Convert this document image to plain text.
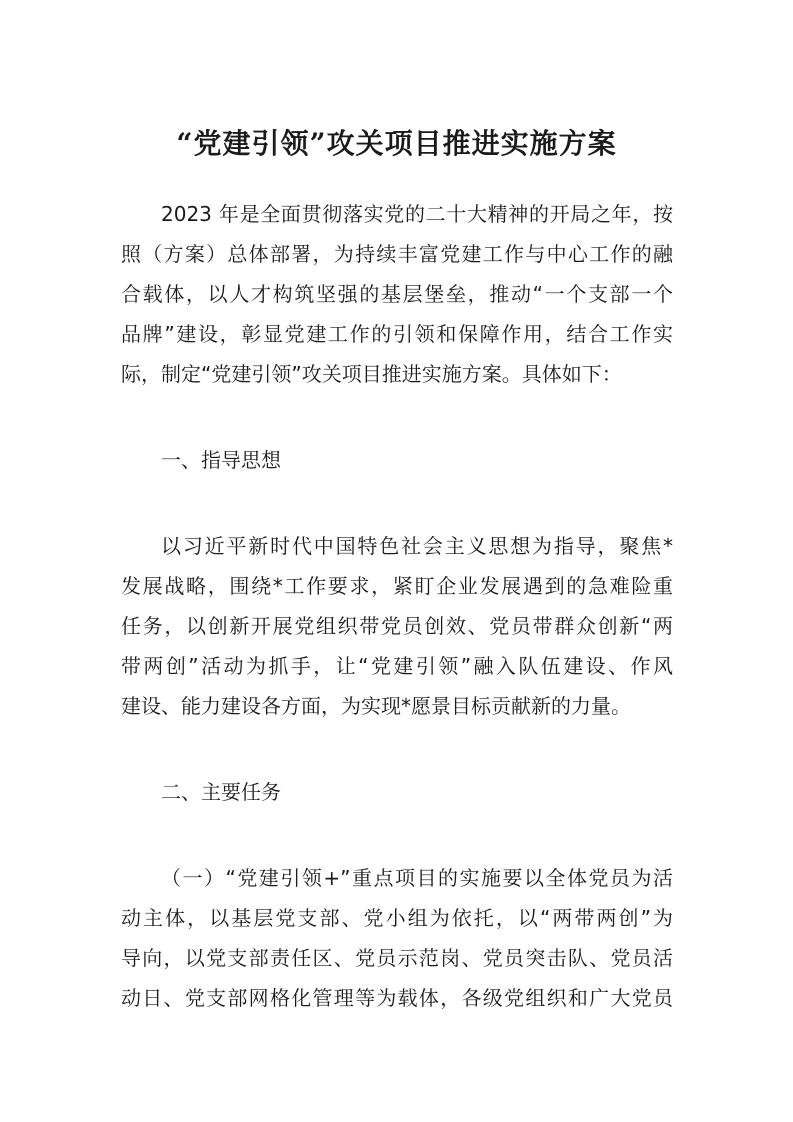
“党建引领”攻关项目推进实施方案
2023 年是全面贯彻落实党的二十大精神的开局之年，按
照（方案）总体部署，为持续丰富党建工作与中心工作的融
合载体，以人才构筑坚强的基层堡垒，推动“一个支部一个
品牌”建设，彰显党建工作的引领和保障作用，结合工作实
际，制定“党建引领”攻关项目推进实施方案。具体如下：
一、指导思想
以习近平新时代中国特色社会主义思想为指导，聚焦*
发展战略，围绕*工作要求，紧盯企业发展遇到的急难险重
任务，以创新开展党组织带党员创效、党员带群众创新“两
带两创”活动为抓手，让“党建引领”融入队伍建设、作风
建设、能力建设各方面，为实现*愿景目标贡献新的力量。
二、主要任务
（一）“党建引领+”重点项目的实施要以全体党员为活
动主体，以基层党支部、党小组为依托，以“两带两创”为
导向，以党支部责任区、党员示范岗、党员突击队、党员活
动日、党支部网格化管理等为载体，各级党组织和广大党员
